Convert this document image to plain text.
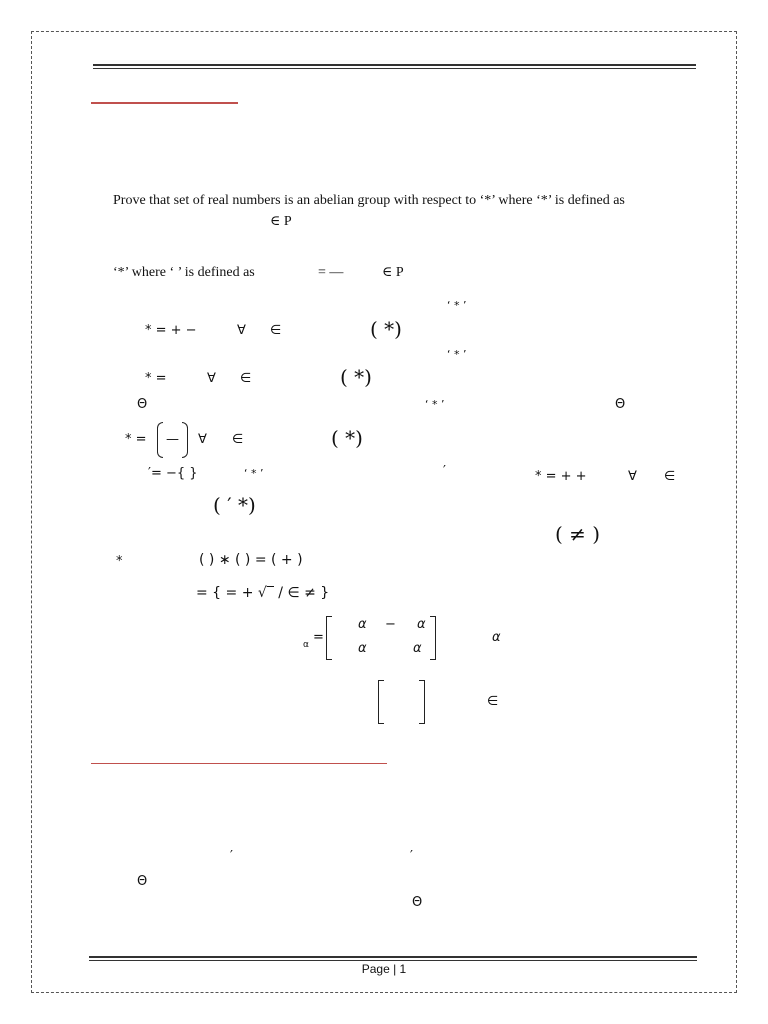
Prove that set of real numbers is an abelian group with respect to ‘*’ where ‘*’ is defined as
∈ P
‘*’ where ‘ ’ is defined as	= —	∈ P
‘ * ’
* = + −	∀ ∈	( *)
‘ * ’
* =	∀ ∈	( *)
Θ	‘ * ’	Θ
* = — ∀ ∈	( *)
′= −{ }	‘ * ’	′	* = + +	∀ ∈
( ′ *)
( ≠ )
*	( ) ∗ ( ) = ( + )
= { = + √‾ / ∈ ≠ }
α =
α − α
α	α
α
∈
′	′
Θ
Θ
Page | 1
